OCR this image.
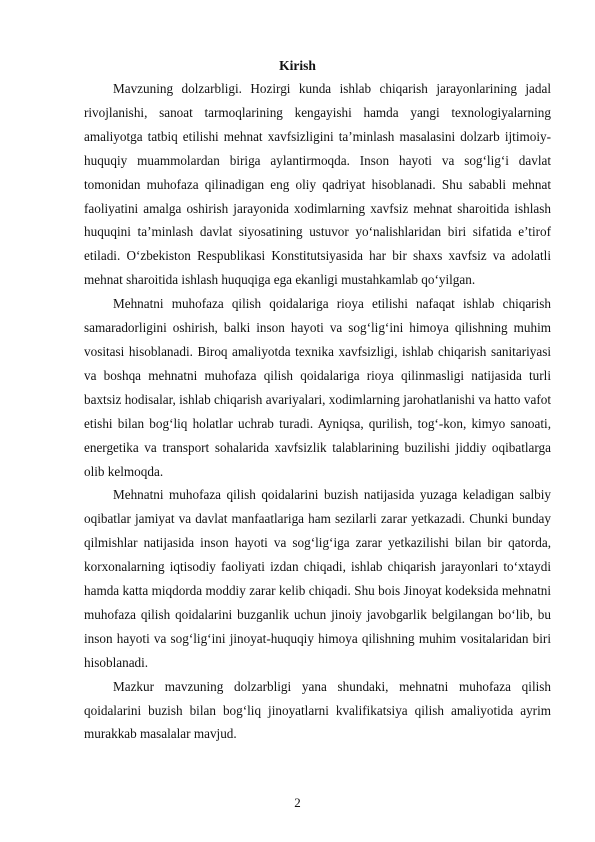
Kirish

Mavzuning dolzarbligi. Hozirgi kunda ishlab chiqarish jarayonlarining jadal rivojlanishi, sanoat tarmoqlarining kengayishi hamda yangi texnologiyalarning amaliyotga tatbiq etilishi mehnat xavfsizligini ta’minlash masalasini dolzarb ijtimoiy-huquqiy muammolardan biriga aylantirmoqda. Inson hayoti va sog‘lig‘i davlat tomonidan muhofaza qilinadigan eng oliy qadriyat hisoblanadi. Shu sababli mehnat faoliyatini amalga oshirish jarayonida xodimlarning xavfsiz mehnat sharoitida ishlash huquqini ta’minlash davlat siyosatining ustuvor yo‘nalishlaridan biri sifatida e’tirof etiladi. O‘zbekiston Respublikasi Konstitutsiyasida har bir shaxs xavfsiz va adolatli mehnat sharoitida ishlash huquqiga ega ekanligi mustahkamlab qo‘yilgan.

Mehnatni muhofaza qilish qoidalariga rioya etilishi nafaqat ishlab chiqarish samaradorligini oshirish, balki inson hayoti va sog‘lig‘ini himoya qilishning muhim vositasi hisoblanadi. Biroq amaliyotda texnika xavfsizligi, ishlab chiqarish sanitariyasi va boshqa mehnatni muhofaza qilish qoidalariga rioya qilinmasligi natijasida turli baxtsiz hodisalar, ishlab chiqarish avariyalari, xodimlarning jarohatlanishi va hatto vafot etishi bilan bog‘liq holatlar uchrab turadi. Ayniqsa, qurilish, tog‘-kon, kimyo sanoati, energetika va transport sohalarida xavfsizlik talablarining buzilishi jiddiy oqibatlarga olib kelmoqda.

Mehnatni muhofaza qilish qoidalarini buzish natijasida yuzaga keladigan salbiy oqibatlar jamiyat va davlat manfaatlariga ham sezilarli zarar yetkazadi. Chunki bunday qilmishlar natijasida inson hayoti va sog‘lig‘iga zarar yetkazilishi bilan bir qatorda, korxonalarning iqtisodiy faoliyati izdan chiqadi, ishlab chiqarish jarayonlari to‘xtaydi hamda katta miqdorda moddiy zarar kelib chiqadi. Shu bois Jinoyat kodeksida mehnatni muhofaza qilish qoidalarini buzganlik uchun jinoiy javobgarlik belgilangan bo‘lib, bu inson hayoti va sog‘lig‘ini jinoyat-huquqiy himoya qilishning muhim vositalaridan biri hisoblanadi.

Mazkur mavzuning dolzarbligi yana shundaki, mehnatni muhofaza qilish qoidalarini buzish bilan bog‘liq jinoyatlarni kvalifikatsiya qilish amaliyotida ayrim murakkab masalalar mavjud.

2
